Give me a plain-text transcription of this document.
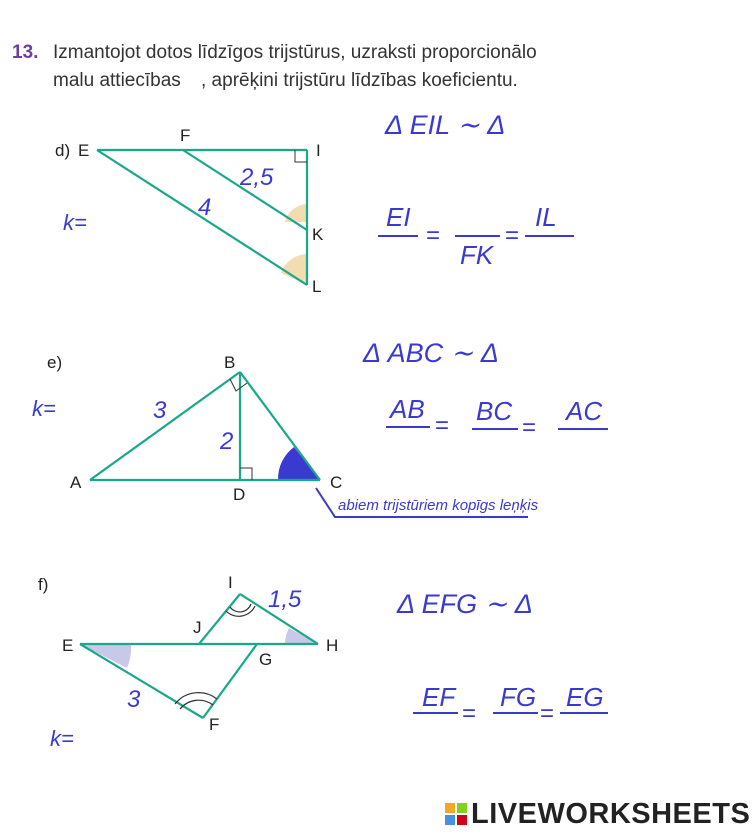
13. Izmantojot dotos līdzīgos trijstūrus, uzraksti proporcionālo
malu attiecības , aprēķini trijstūru līdzības koeficientu.
d) E
F
I
K
L
2,5
4
k=
Δ EIL ∼ Δ
EI
=
FK
=
IL
e)
A
B
C
D
3
2
k=
Δ ABC ∼ Δ
AB
= BC
=
AC
abiem trijstūriem kopīgs leņķis
f)
E
F
G
H
I
J
1,5
3
k=
Δ EFG ∼ Δ
EF
=
FG
=
EG
LIVEWORKSHEETS
